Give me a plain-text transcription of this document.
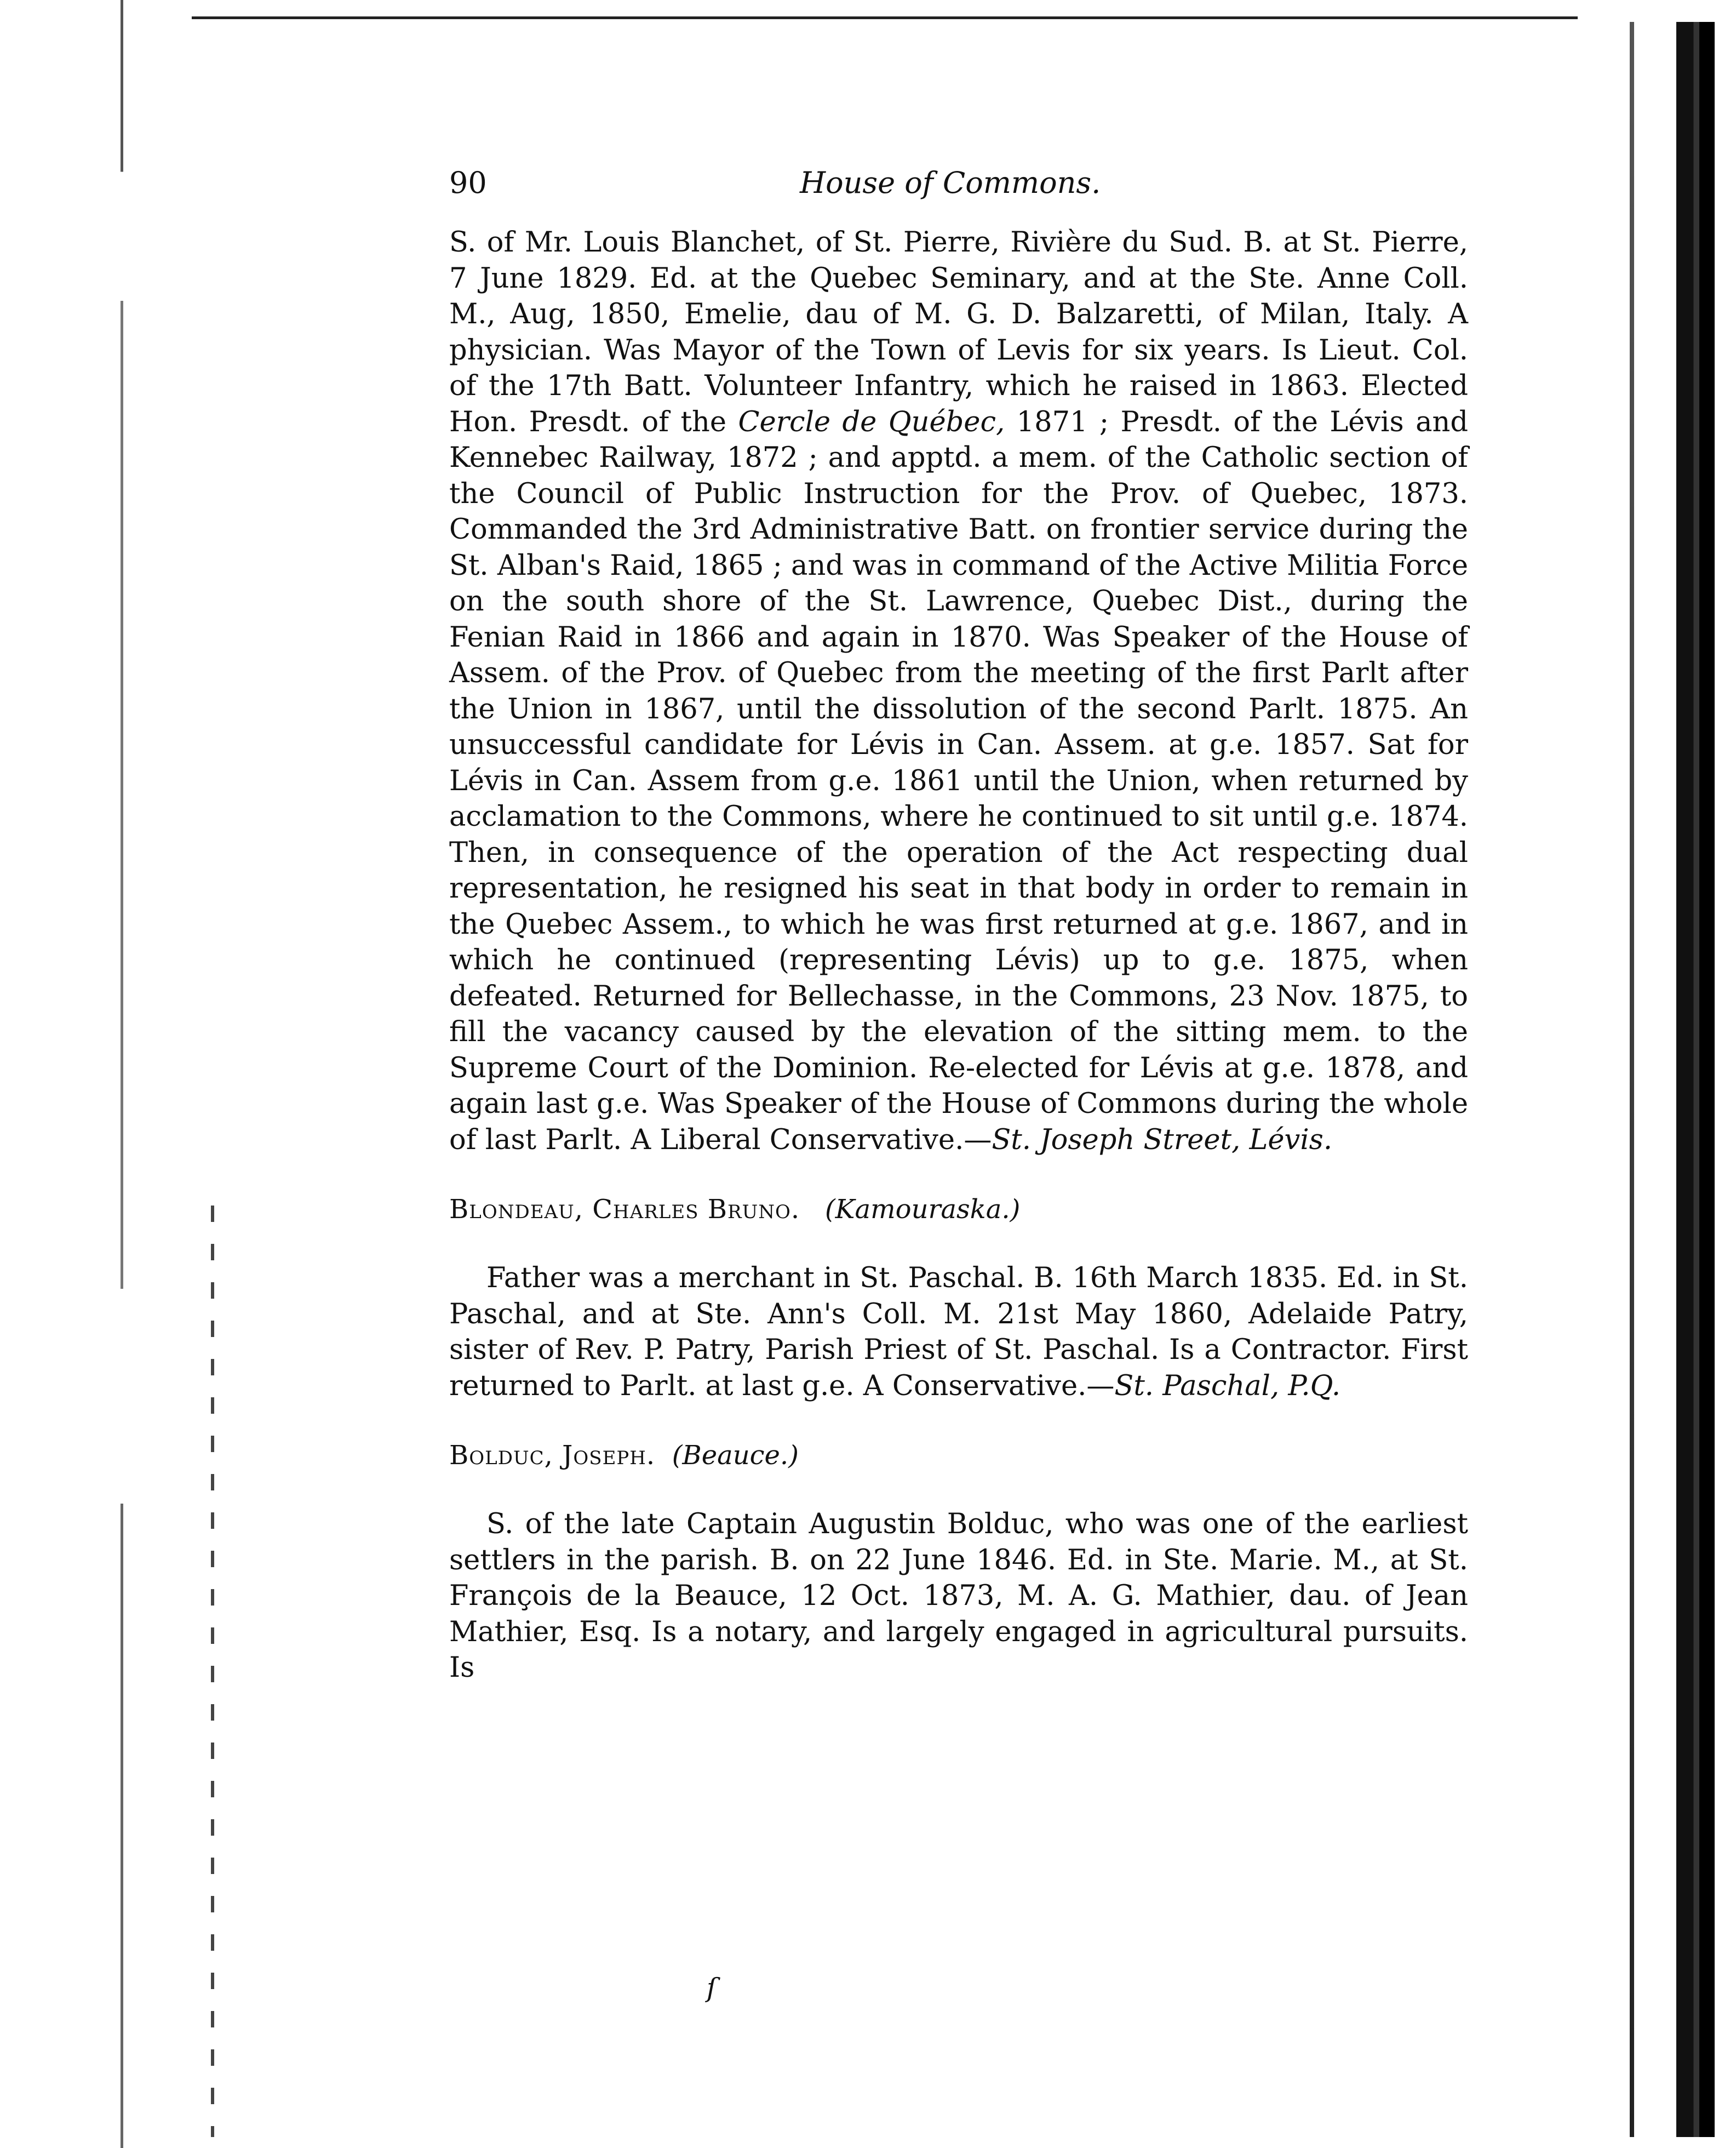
90	House of Commons.

S. of Mr. Louis Blanchet, of St. Pierre, Rivière du Sud. B. at St. Pierre, 7 June 1829. Ed. at the Quebec Seminary, and at the Ste. Anne Coll. M., Aug, 1850, Emelie, dau of M. G. D. Balzaretti, of Milan, Italy. A physician. Was Mayor of the Town of Levis for six years. Is Lieut. Col. of the 17th Batt. Volunteer Infantry, which he raised in 1863. Elected Hon. Presdt. of the Cercle de Québec, 1871 ; Presdt. of the Lévis and Kennebec Railway, 1872 ; and apptd. a mem. of the Catholic section of the Council of Public Instruction for the Prov. of Quebec, 1873. Commanded the 3rd Administrative Batt. on frontier service during the St. Alban's Raid, 1865 ; and was in command of the Active Militia Force on the south shore of the St. Lawrence, Quebec Dist., during the Fenian Raid in 1866 and again in 1870. Was Speaker of the House of Assem. of the Prov. of Quebec from the meeting of the first Parlt after the Union in 1867, until the dissolution of the second Parlt. 1875. An unsuccessful candidate for Lévis in Can. Assem. at g.e. 1857. Sat for Lévis in Can. Assem from g.e. 1861 until the Union, when returned by acclamation to the Commons, where he continued to sit until g.e. 1874. Then, in consequence of the operation of the Act respecting dual representation, he resigned his seat in that body in order to remain in the Quebec Assem., to which he was first returned at g.e. 1867, and in which he continued (representing Lévis) up to g.e. 1875, when defeated. Returned for Bellechasse, in the Commons, 23 Nov. 1875, to fill the vacancy caused by the elevation of the sitting mem. to the Supreme Court of the Dominion. Re-elected for Lévis at g.e. 1878, and again last g.e. Was Speaker of the House of Commons during the whole of last Parlt. A Liberal Conservative.—St. Joseph Street, Lévis.

Blondeau, Charles Bruno. (Kamouraska.)

Father was a merchant in St. Paschal. B. 16th March 1835. Ed. in St. Paschal, and at Ste. Ann's Coll. M. 21st May 1860, Adelaide Patry, sister of Rev. P. Patry, Parish Priest of St. Paschal. Is a Contractor. First returned to Parlt. at last g.e. A Conservative.—St. Paschal, P.Q.

Bolduc, Joseph. (Beauce.)

S. of the late Captain Augustin Bolduc, who was one of the earliest settlers in the parish. B. on 22 June 1846. Ed. in Ste. Marie. M., at St. François de la Beauce, 12 Oct. 1873, M. A. G. Mathier, dau. of Jean Mathier, Esq. Is a notary, and largely engaged in agricultural pursuits. Is

ſ
